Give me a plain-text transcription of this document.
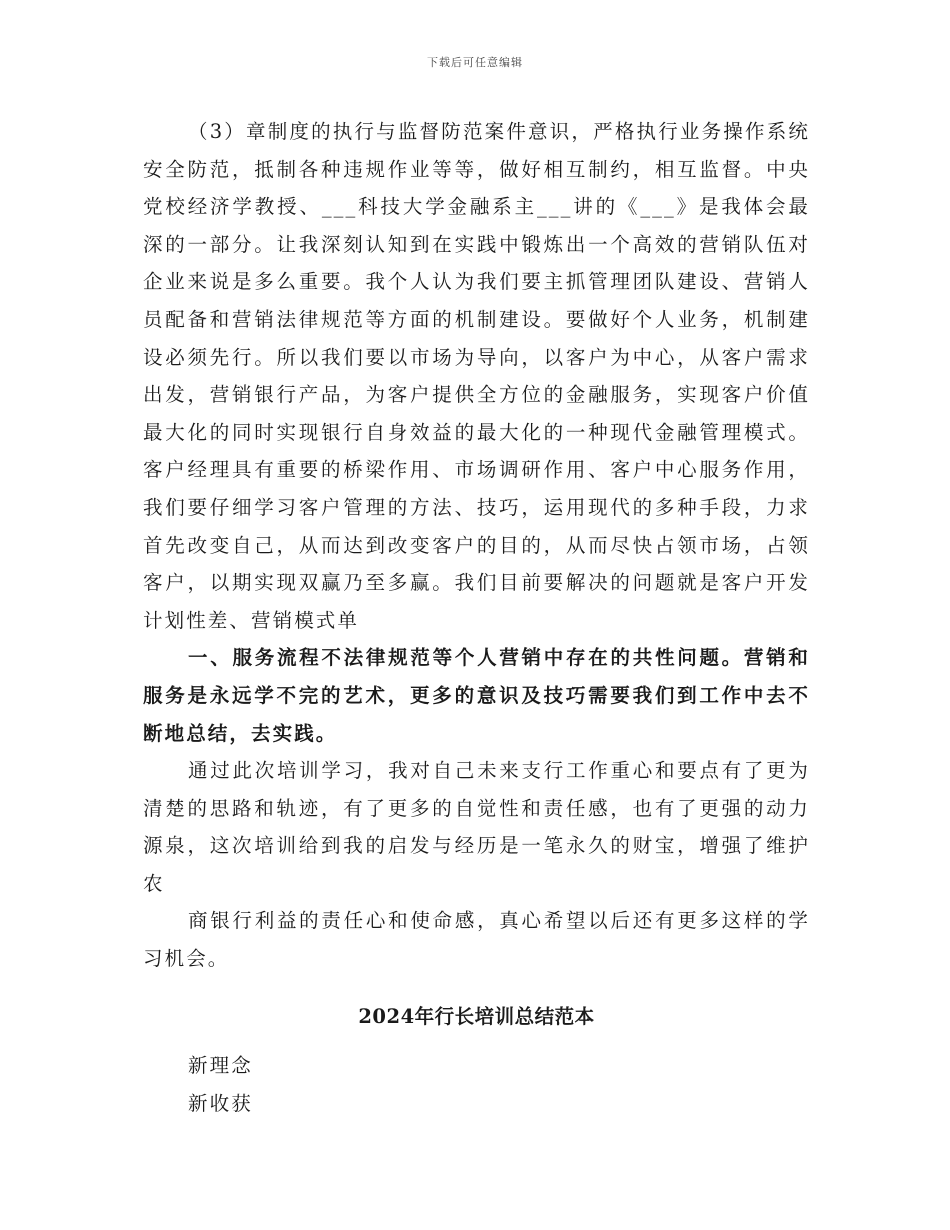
下载后可任意编辑

（3）章制度的执行与监督防范案件意识，严格执行业务操作系统安全防范，抵制各种违规作业等等，做好相互制约，相互监督。中央党校经济学教授、___科技大学金融系主___讲的《___》是我体会最深的一部分。让我深刻认知到在实践中锻炼出一个高效的营销队伍对企业来说是多么重要。我个人认为我们要主抓管理团队建设、营销人员配备和营销法律规范等方面的机制建设。要做好个人业务，机制建设必须先行。所以我们要以市场为导向，以客户为中心，从客户需求出发，营销银行产品，为客户提供全方位的金融服务，实现客户价值最大化的同时实现银行自身效益的最大化的一种现代金融管理模式。客户经理具有重要的桥梁作用、市场调研作用、客户中心服务作用，我们要仔细学习客户管理的方法、技巧，运用现代的多种手段，力求首先改变自己，从而达到改变客户的目的，从而尽快占领市场，占领客户，以期实现双赢乃至多赢。我们目前要解决的问题就是客户开发计划性差、营销模式单

一、服务流程不法律规范等个人营销中存在的共性问题。营销和服务是永远学不完的艺术，更多的意识及技巧需要我们到工作中去不断地总结，去实践。

通过此次培训学习，我对自己未来支行工作重心和要点有了更为清楚的思路和轨迹，有了更多的自觉性和责任感，也有了更强的动力源泉，这次培训给到我的启发与经历是一笔永久的财宝，增强了维护农

商银行利益的责任心和使命感，真心希望以后还有更多这样的学习机会。

2024年行长培训总结范本

新理念

新收获
